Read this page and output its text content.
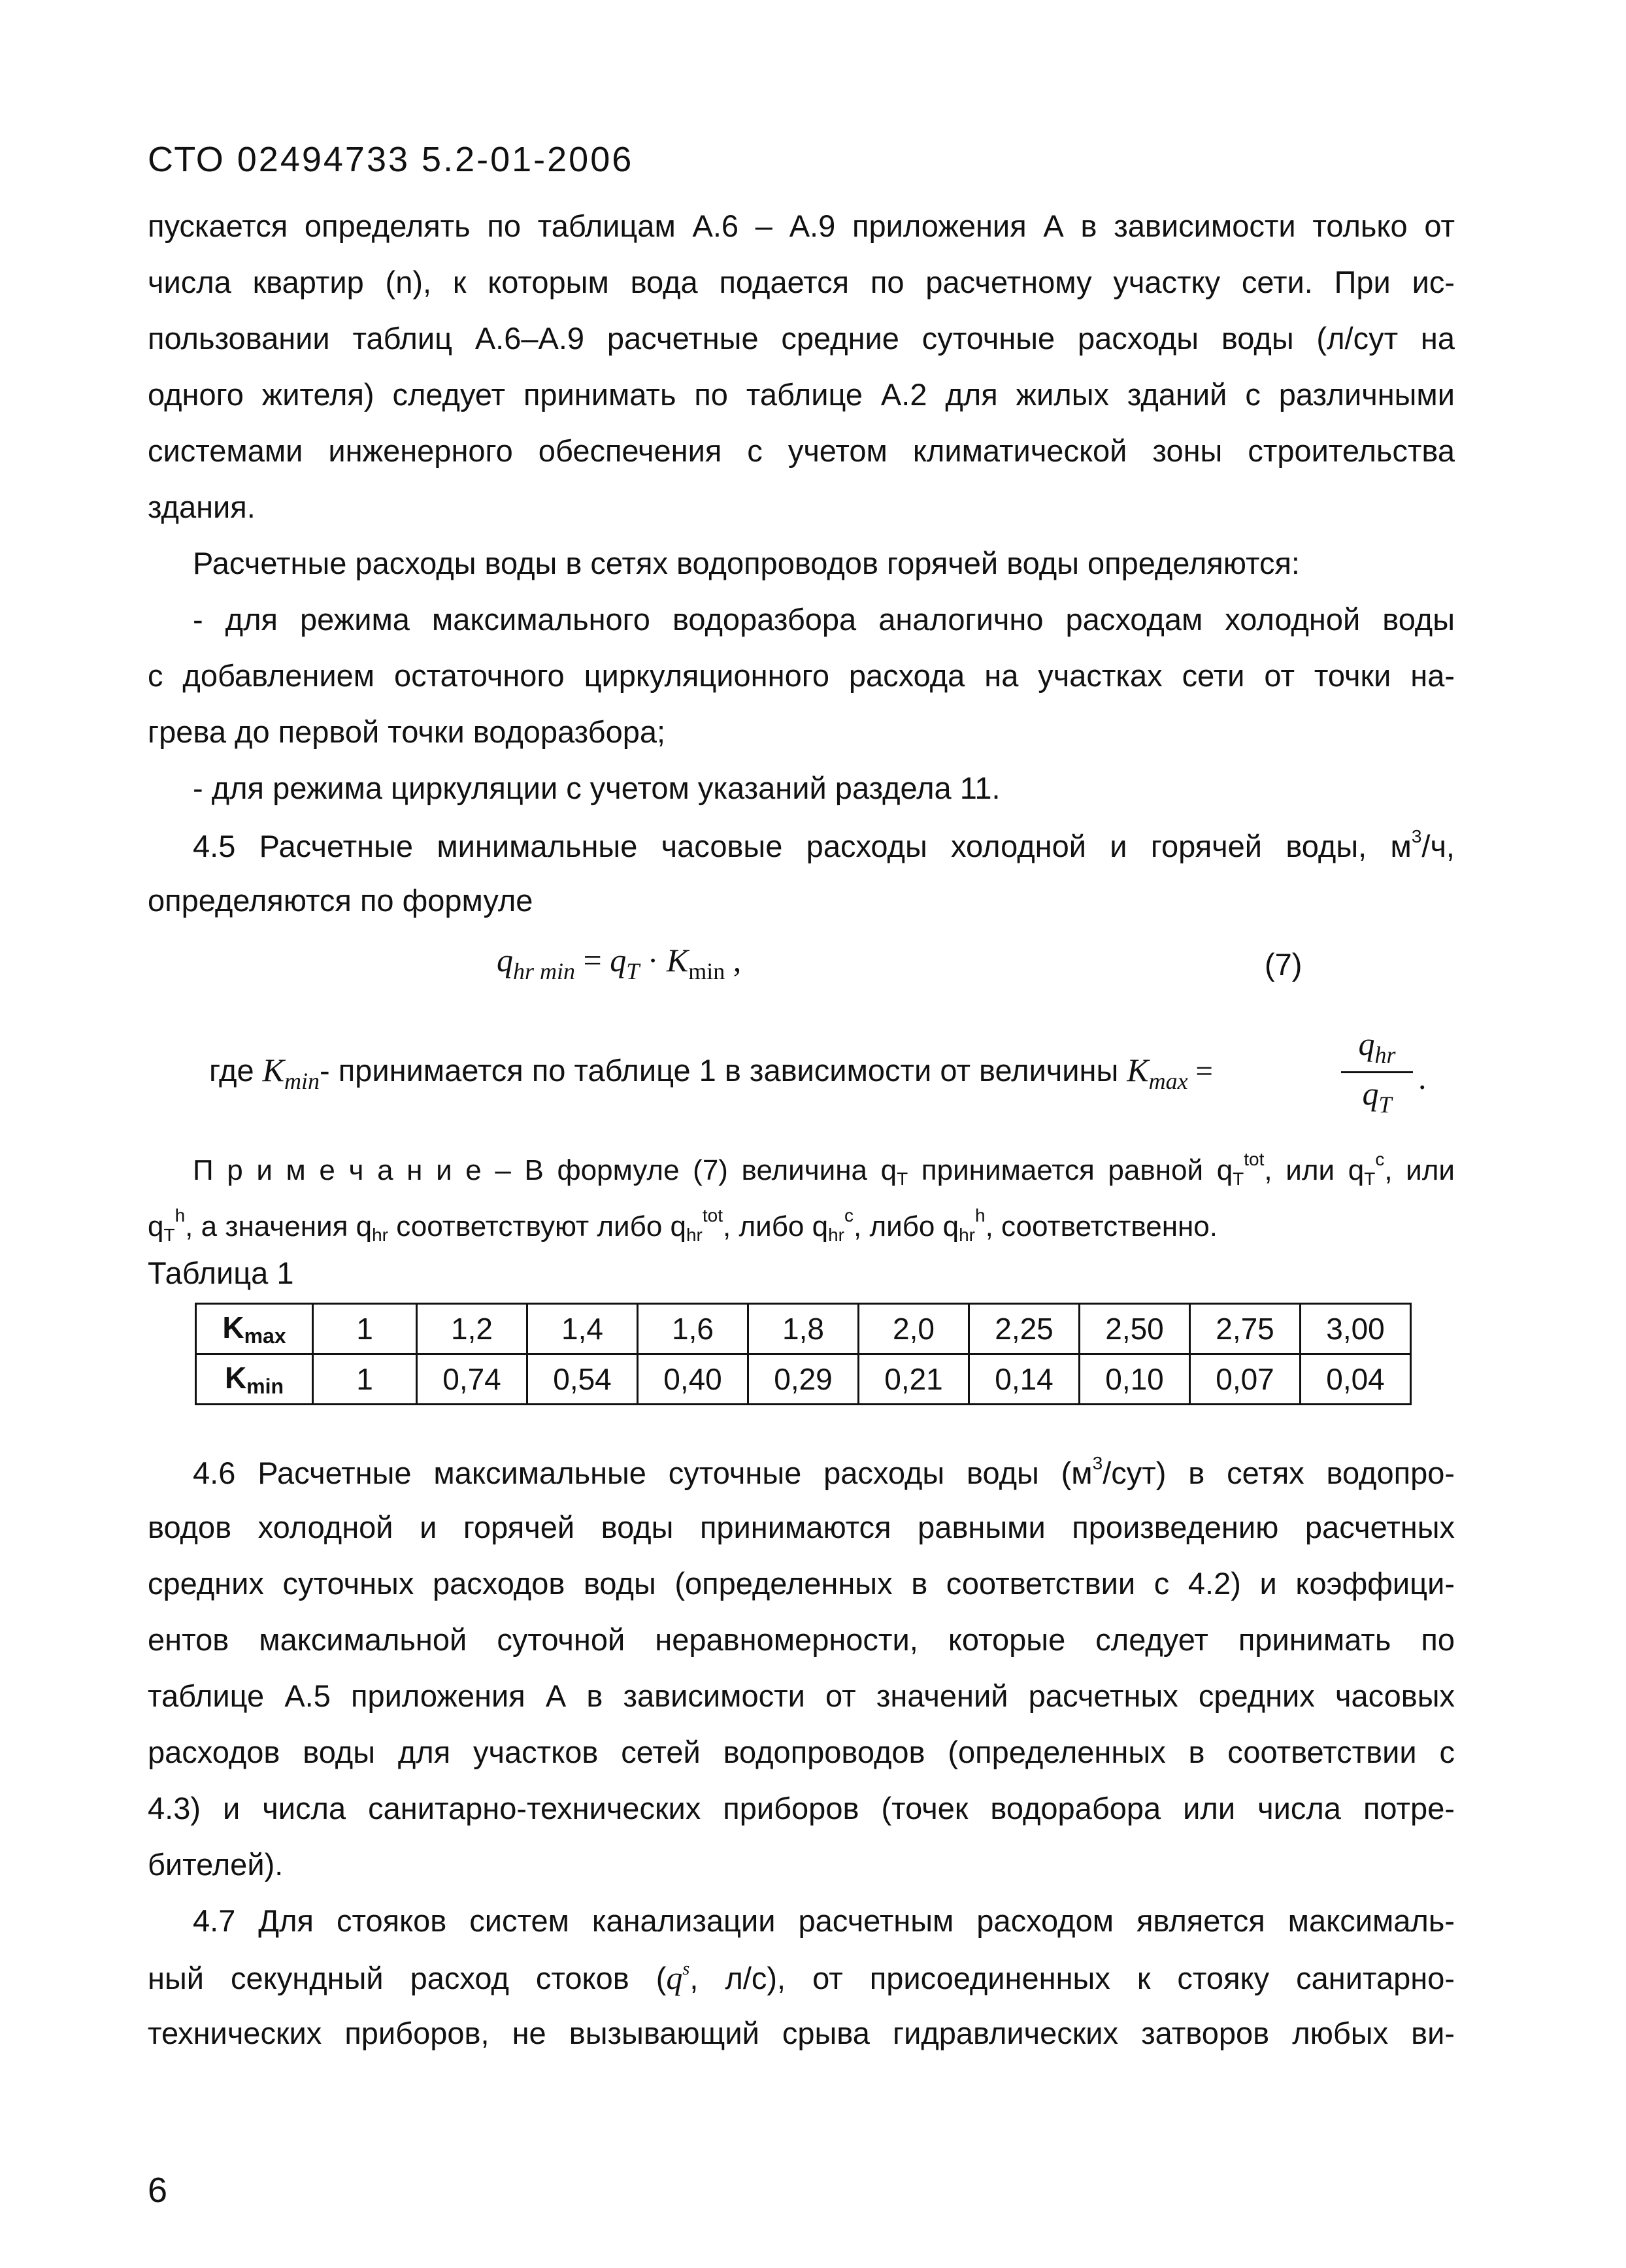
СТО 02494733 5.2-01-2006
пускается определять по таблицам А.6 – А.9 приложения А в зависимости только от
числа квартир (n), к которым вода подается по расчетному участку сети. При ис-
пользовании таблиц А.6–А.9 расчетные средние суточные расходы воды (л/сут на
одного жителя) следует принимать по таблице А.2 для жилых зданий с различными
системами инженерного обеспечения с учетом климатической зоны строительства
здания.
Расчетные расходы воды в сетях водопроводов горячей воды определяются:
- для режима максимального водоразбора аналогично расходам холодной воды
с добавлением остаточного циркуляционного расхода на участках сети от точки на-
грева до первой точки водоразбора;
- для режима циркуляции с учетом указаний раздела 11.
4.5 Расчетные минимальные часовые расходы холодной и горячей воды, $м^3/ч$,
определяются по формуле
$q_{hr min} = q_T \cdot K_{min}$ ,	(7)
где $K_{min}-$ принимается по таблице 1 в зависимости от величины $K_{max}$ =
$q_{hr}$
$q_T$
.
П р и м е ч а н и е – В формуле (7) величина qT принимается равной $qT^{tot}$, или $qT^c$, или
$qT^h$, а значения qhr соответствуют либо qhr$^{tot}$, либо qhr$^c$, либо qhr$^h$, соответственно.
Таблица 1
Kmax	1	1,2	1,4	1,6	1,8	2,0	2,25	2,50	2,75	3,00
Kmin	1	0,74	0,54	0,40	0,29	0,21	0,14	0,10	0,07	0,04
4.6 Расчетные максимальные суточные расходы воды $(м^3/сут)$ в сетях водопро-
водов холодной и горячей воды принимаются равными произведению расчетных
средних суточных расходов воды (определенных в соответствии с 4.2) и коэффици-
ентов максимальной суточной неравномерности, которые следует принимать по
таблице А.5 приложения А в зависимости от значений расчетных средних часовых
расходов воды для участков сетей водопроводов (определенных в соответствии с
4.3) и числа санитарно-технических приборов (точек водорабора или числа потре-
бителей).
4.7 Для стояков систем канализации расчетным расходом является максималь-
ный секундный расход стоков ($q^s$, л/с), от присоединенных к стояку санитарно-
технических приборов, не вызывающий срыва гидравлических затворов любых ви-
6
